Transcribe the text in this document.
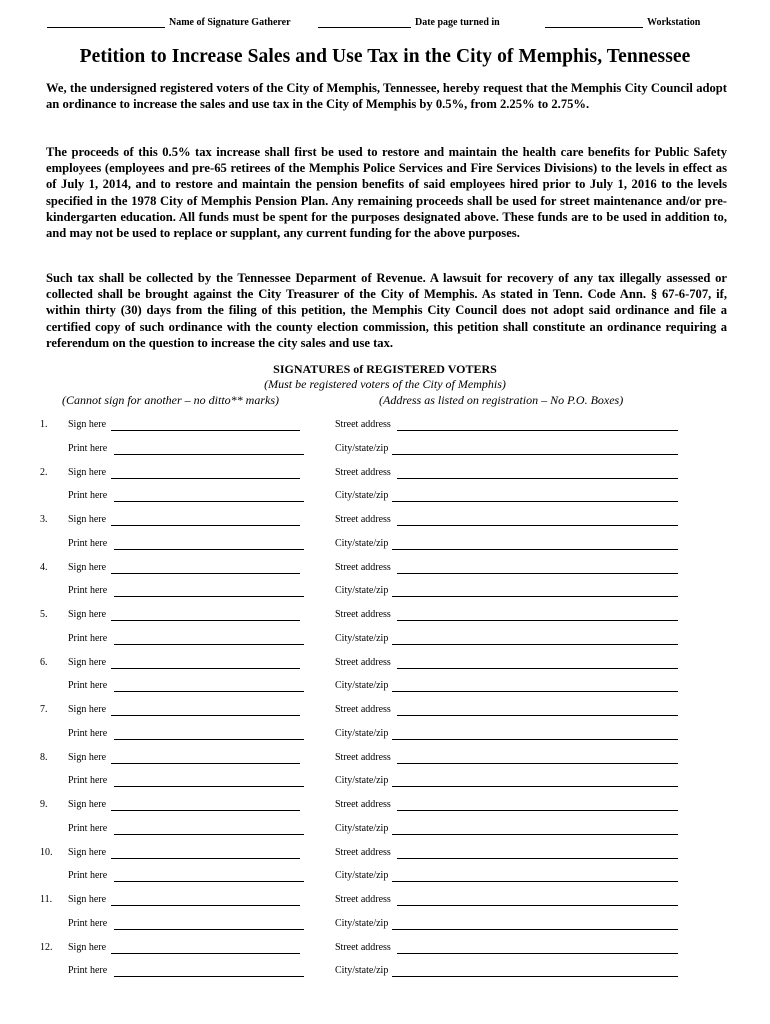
Name of Signature Gatherer	Date page turned in	Workstation
Petition to Increase Sales and Use Tax in the City of Memphis, Tennessee

We, the undersigned registered voters of the City of Memphis, Tennessee, hereby request that the Memphis City Council adopt an ordinance to increase the sales and use tax in the City of Memphis by 0.5%, from 2.25% to 2.75%.

The proceeds of this 0.5% tax increase shall first be used to restore and maintain the health care benefits for Public Safety employees (employees and pre-65 retirees of the Memphis Police Services and Fire Services Divisions) to the levels in effect as of July 1, 2014, and to restore and maintain the pension benefits of said employees hired prior to July 1, 2016 to the levels specified in the 1978 City of Memphis Pension Plan. Any remaining proceeds shall be used for street maintenance and/or pre-kindergarten education. All funds must be spent for the purposes designated above. These funds are to be used in addition to, and may not be used to replace or supplant, any current funding for the above purposes.

Such tax shall be collected by the Tennessee Deparment of Revenue. A lawsuit for recovery of any tax illegally assessed or collected shall be brought against the City Treasurer of the City of Memphis. As stated in Tenn. Code Ann. § 67-6-707, if, within thirty (30) days from the filing of this petition, the Memphis City Council does not adopt said ordinance and file a certified copy of such ordinance with the county election commission, this petition shall constitute an ordinance requiring a referendum on the question to increase the city sales and use tax.

SIGNATURES of REGISTERED VOTERS
(Must be registered voters of the City of Memphis)
(Cannot sign for another – no ditto** marks)	(Address as listed on registration – No P.O. Boxes)
1.	Sign here	Street address
Print here	City/state/zip
2.	Sign here	Street address
Print here	City/state/zip
3.	Sign here	Street address
Print here	City/state/zip
4.	Sign here	Street address
Print here	City/state/zip
5.	Sign here	Street address
Print here	City/state/zip
6.	Sign here	Street address
Print here	City/state/zip
7.	Sign here	Street address
Print here	City/state/zip
8.	Sign here	Street address
Print here	City/state/zip
9.	Sign here	Street address
Print here	City/state/zip
10.	Sign here	Street address
Print here	City/state/zip
11.	Sign here	Street address
Print here	City/state/zip
12.	Sign here	Street address
Print here	City/state/zip
